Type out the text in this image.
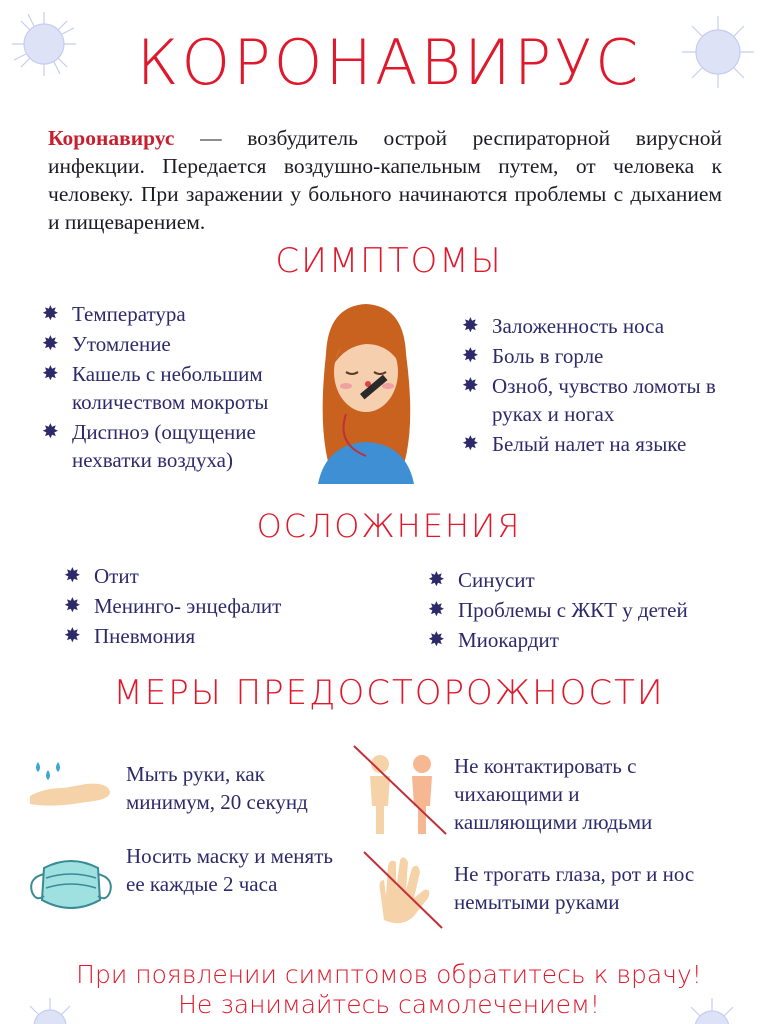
КОРОНАВИРУС

Коронавирус — возбудитель острой респираторной вирусной инфекции. Передается воздушно-капельным путем, от человека к человеку. При заражении у больного начинаются проблемы с дыханием и пищеварением.

СИМПТОМЫ
✸ Температура
✸ Утомление
✸ Кашель с небольшим количеством мокроты
✸ Диспноэ (ощущение нехватки воздуха)
✸ Заложенность носа
✸ Боль в горле
✸ Озноб, чувство ломоты в руках и ногах
✸ Белый налет на языке
ОСЛОЖНЕНИЯ
✸ Отит
✸ Менинго- энцефалит
✸ Пневмония
✸ Синусит
✸ Проблемы с ЖКТ у детей
✸ Миокардит
МЕРЫ ПРЕДОСТОРОЖНОСТИ
Мыть руки, как минимум, 20 секунд
Не контактировать с чихающими и кашляющими людьми
Носить маску и менять ее каждые 2 часа	Не трогать глаза, рот и нос немытыми руками
При появлении симптомов обратитесь к врачу!
Не занимайтесь самолечением!
